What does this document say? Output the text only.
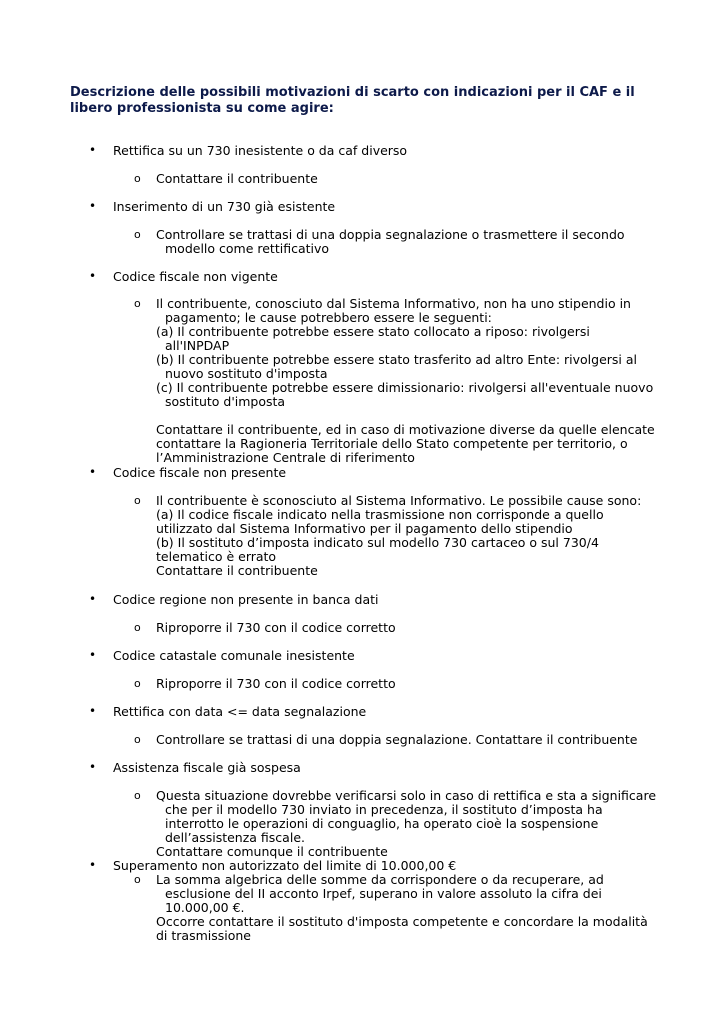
Descrizione delle possibili motivazioni di scarto con indicazioni per il CAF e il libero professionista su come agire:
• Rettifica su un 730 inesistente o da caf diverso
o Contattare il contribuente

• Inserimento di un 730 già esistente
o Controllare se trattasi di una doppia segnalazione o trasmettere il secondo modello come rettificativo

• Codice fiscale non vigente
o Il contribuente, conosciuto dal Sistema Informativo, non ha uno stipendio in pagamento; le cause potrebbero essere le seguenti:

(a) Il contribuente potrebbe essere stato collocato a riposo: rivolgersi all'INPDAP

(b) Il contribuente potrebbe essere stato trasferito ad altro Ente: rivolgersi al nuovo sostituto d'imposta

(c) Il contribuente potrebbe essere dimissionario: rivolgersi all'eventuale nuovo sostituto d'imposta

Contattare il contribuente, ed in caso di motivazione diverse da quelle elencate contattare la Ragioneria Territoriale dello Stato competente per territorio, o l’Amministrazione Centrale di riferimento

• Codice fiscale non presente
o Il contribuente è sconosciuto al Sistema Informativo. Le possibile cause sono:

(a) Il codice fiscale indicato nella trasmissione non corrisponde a quello utilizzato dal Sistema Informativo per il pagamento dello stipendio

(b) Il sostituto d’imposta indicato sul modello 730 cartaceo o sul 730/4 telematico è errato

Contattare il contribuente

• Codice regione non presente in banca dati
o Riproporre il 730 con il codice corretto

• Codice catastale comunale inesistente
o Riproporre il 730 con il codice corretto

• Rettifica con data <= data segnalazione
o Controllare se trattasi di una doppia segnalazione. Contattare il contribuente

• Assistenza fiscale già sospesa
o Questa situazione dovrebbe verificarsi solo in caso di rettifica e sta a significare che per il modello 730 inviato in precedenza, il sostituto d’imposta ha interrotto le operazioni di conguaglio, ha operato cioè la sospensione dell’assistenza fiscale.

Contattare comunque il contribuente

• Superamento non autorizzato del limite di 10.000,00 €
o La somma algebrica delle somme da corrispondere o da recuperare, ad esclusione del II acconto Irpef, superano in valore assoluto la cifra dei 10.000,00 €.

Occorre contattare il sostituto d'imposta competente e concordare la modalità di trasmissione
